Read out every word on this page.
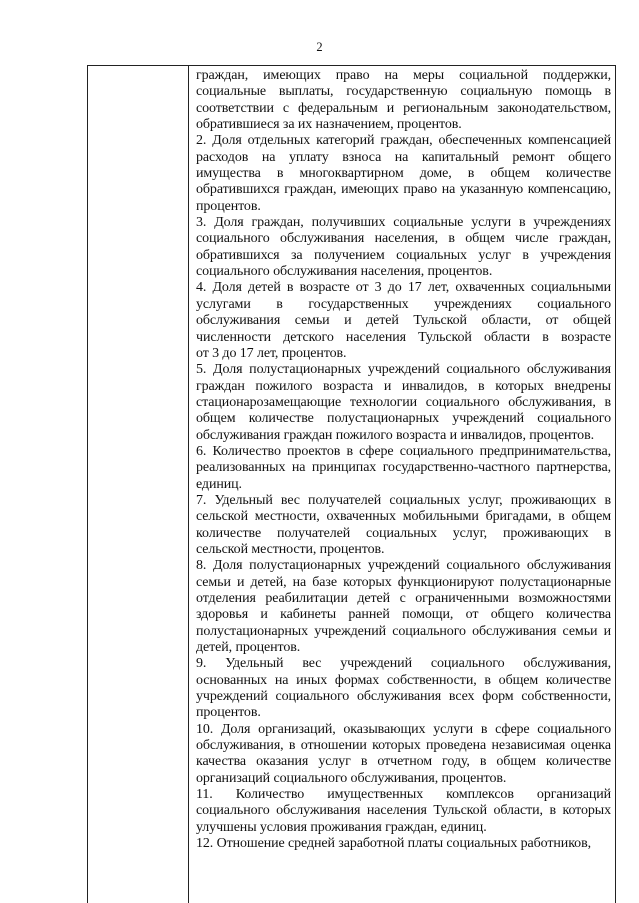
2
граждан, имеющих право на меры социальной поддержки,
социальные выплаты, государственную социальную помощь в
соответствии с федеральным и региональным законодательством,
обратившиеся за их назначением, процентов.
2. Доля отдельных категорий граждан, обеспеченных компенсацией
расходов на уплату взноса на капитальный ремонт общего
имущества в многоквартирном доме, в общем количестве
обратившихся граждан, имеющих право на указанную компенсацию,
процентов.
3. Доля граждан, получивших социальные услуги в учреждениях
социального обслуживания населения, в общем числе граждан,
обратившихся за получением социальных услуг в учреждения
социального обслуживания населения, процентов.
4. Доля детей в возрасте от 3 до 17 лет, охваченных социальными
услугами в государственных учреждениях социального
обслуживания семьи и детей Тульской области, от общей
численности детского населения Тульской области в возрасте
от 3 до 17 лет, процентов.
5. Доля полустационарных учреждений социального обслуживания
граждан пожилого возраста и инвалидов, в которых внедрены
стационарозамещающие технологии социального обслуживания, в
общем количестве полустационарных учреждений социального
обслуживания граждан пожилого возраста и инвалидов, процентов.
6. Количество проектов в сфере социального предпринимательства,
реализованных на принципах государственно-частного партнерства,
единиц.
7. Удельный вес получателей социальных услуг, проживающих в
сельской местности, охваченных мобильными бригадами, в общем
количестве получателей социальных услуг, проживающих в
сельской местности, процентов.
8. Доля полустационарных учреждений социального обслуживания
семьи и детей, на базе которых функционируют полустационарные
отделения реабилитации детей с ограниченными возможностями
здоровья и кабинеты ранней помощи, от общего количества
полустационарных учреждений социального обслуживания семьи и
детей, процентов.
9. Удельный вес учреждений социального обслуживания,
основанных на иных формах собственности, в общем количестве
учреждений социального обслуживания всех форм собственности,
процентов.
10. Доля организаций, оказывающих услуги в сфере социального
обслуживания, в отношении которых проведена независимая оценка
качества оказания услуг в отчетном году, в общем количестве
организаций социального обслуживания, процентов.
11. Количество имущественных комплексов организаций
социального обслуживания населения Тульской области, в которых
улучшены условия проживания граждан, единиц.
12. Отношение средней заработной платы социальных работников,
